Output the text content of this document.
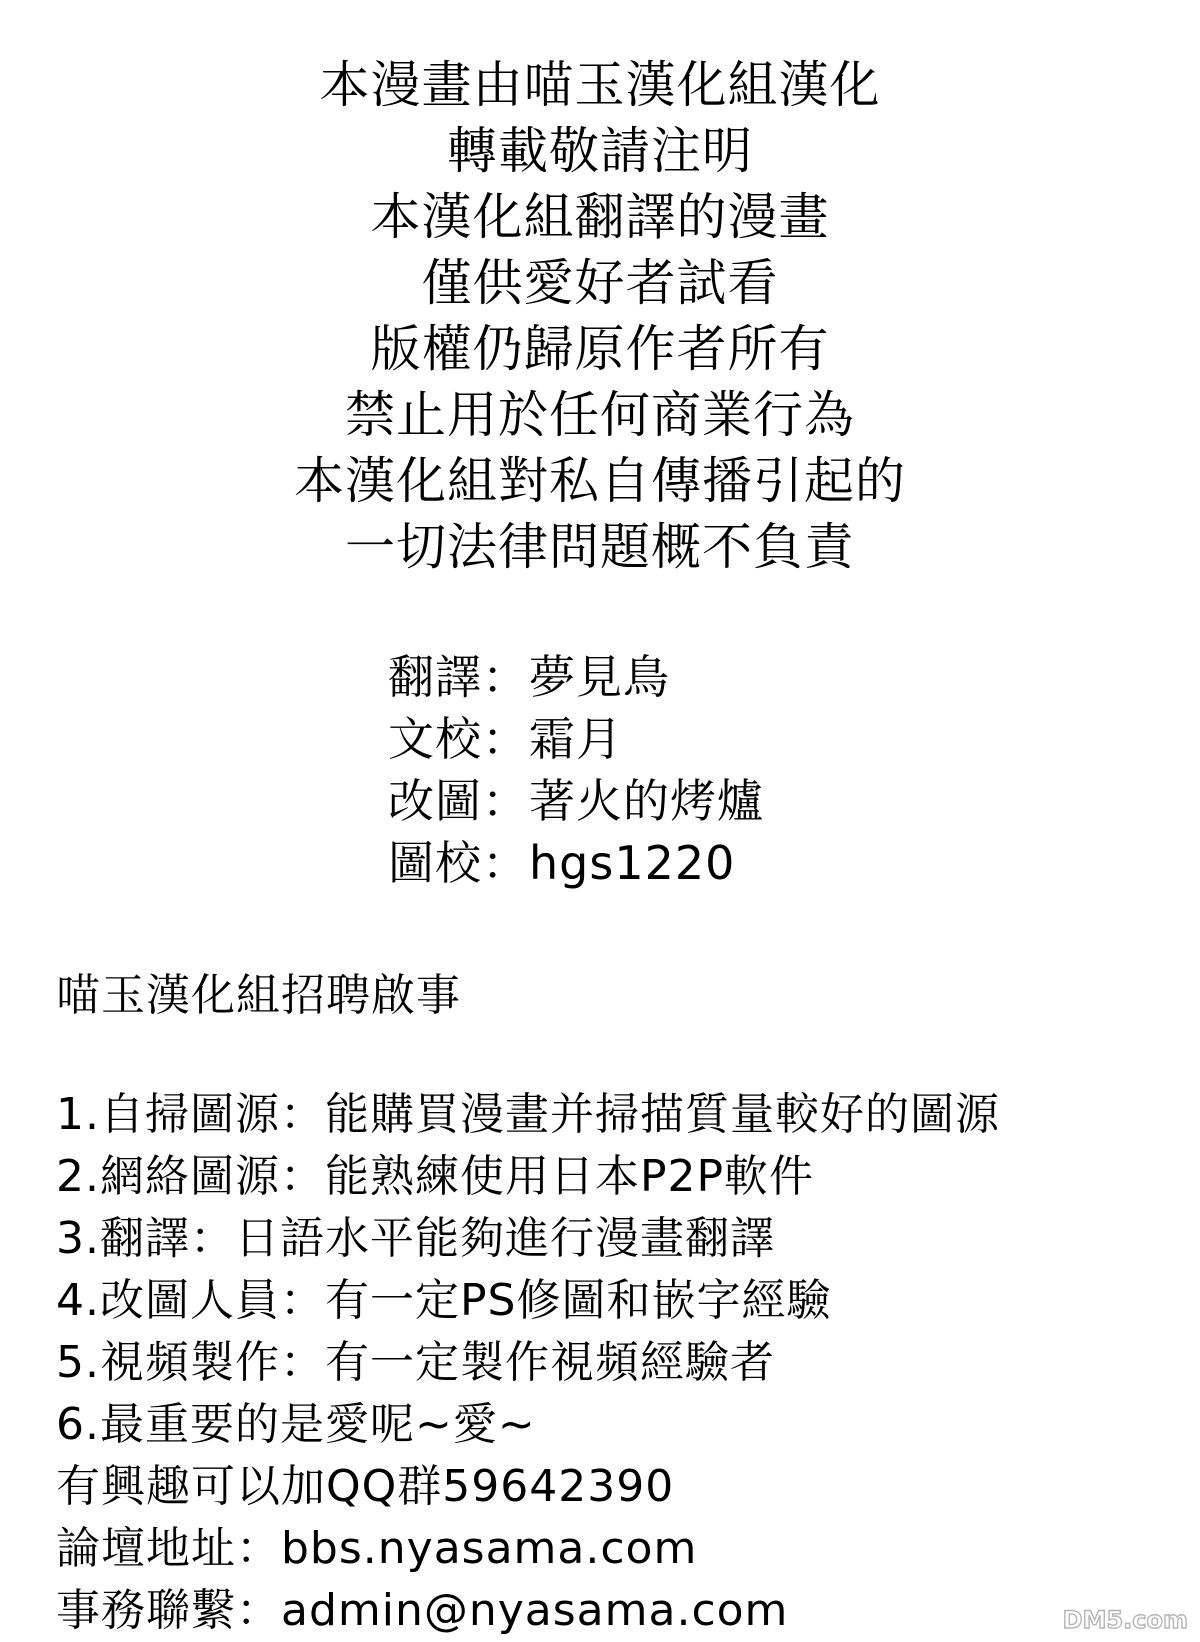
本漫畫由喵玉漢化組漢化
轉載敬請注明
本漢化組翻譯的漫畫
僅供愛好者試看
版權仍歸原作者所有
禁止用於任何商業行為
本漢化組對私自傳播引起的
一切法律問題概不負責
翻譯：夢見鳥
文校：霜月
改圖：著火的烤爐
圖校：hgs1220
喵玉漢化組招聘啟事
1.自掃圖源：能購買漫畫并掃描質量較好的圖源
2.網絡圖源：能熟練使用日本P2P軟件
3.翻譯：日語水平能夠進行漫畫翻譯
4.改圖人員：有一定PS修圖和嵌字經驗
5.視頻製作：有一定製作視頻經驗者
6.最重要的是愛呢~愛~
有興趣可以加QQ群59642390
論壇地址：bbs.nyasama.com
事務聯繫：admin@nyasama.com	DM5.com
